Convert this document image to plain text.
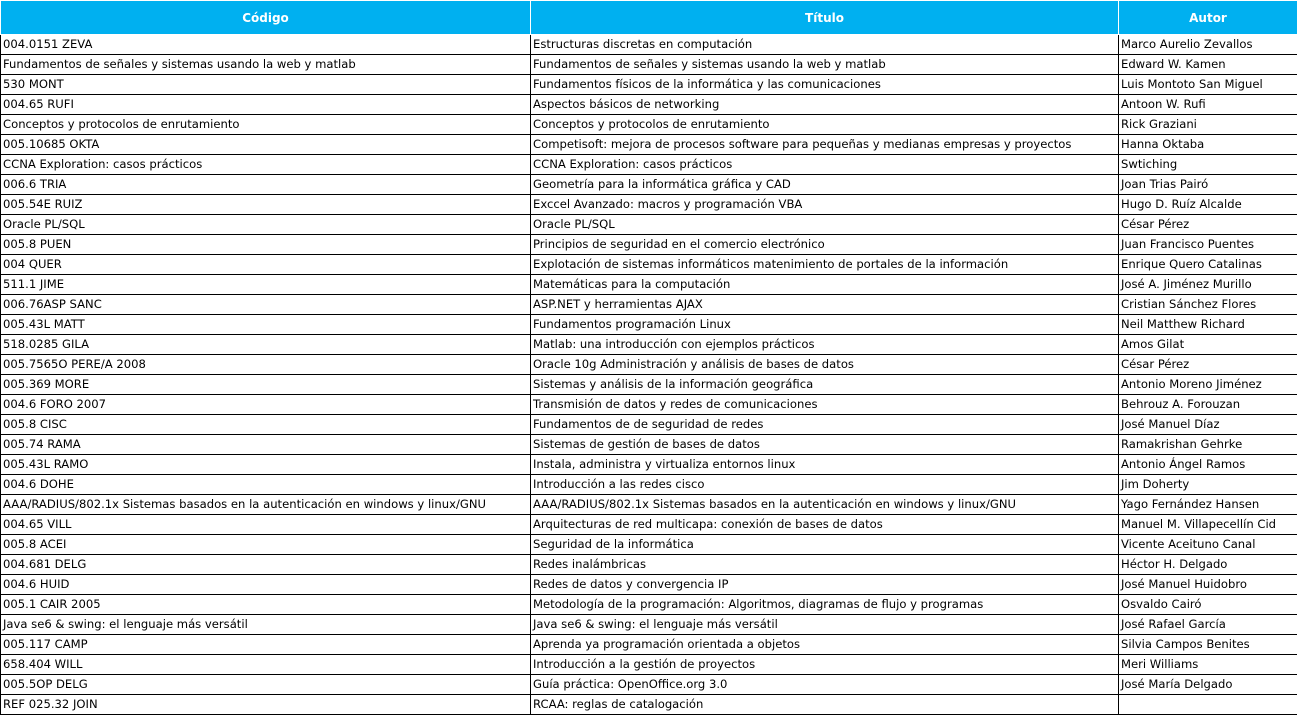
Código	Título	Autor
004.0151 ZEVA	Estructuras discretas en computación	Marco Aurelio Zevallos
Fundamentos de señales y sistemas usando la web y matlab	Fundamentos de señales y sistemas usando la web y matlab	Edward W. Kamen
530 MONT	Fundamentos físicos de la informática y las comunicaciones	Luis Montoto San Miguel
004.65 RUFI	Aspectos básicos de networking	Antoon W. Rufi
Conceptos y protocolos de enrutamiento	Conceptos y protocolos de enrutamiento	Rick Graziani
005.10685 OKTA	Competisoft: mejora de procesos software para pequeñas y medianas empresas y proyectos	Hanna Oktaba
CCNA Exploration: casos prácticos	CCNA Exploration: casos prácticos	Swtiching
006.6 TRIA	Geometría para la informática gráfica y CAD	Joan Trias Pairó
005.54E RUIZ	Exccel Avanzado: macros y programación VBA	Hugo D. Ruíz Alcalde
Oracle PL/SQL	Oracle PL/SQL	César Pérez
005.8 PUEN	Principios de seguridad en el comercio electrónico	Juan Francisco Puentes
004 QUER	Explotación de sistemas informáticos matenimiento de portales de la información	Enrique Quero Catalinas
511.1 JIME	Matemáticas para la computación	José A. Jiménez Murillo
006.76ASP SANC	ASP.NET y herramientas AJAX	Cristian Sánchez Flores
005.43L MATT	Fundamentos programación Linux	Neil Matthew Richard
518.0285 GILA	Matlab: una introducción con ejemplos prácticos	Amos Gilat
005.7565O PERE/A 2008	Oracle 10g Administración y análisis de bases de datos	César Pérez
005.369 MORE	Sistemas y análisis de la información geográfica	Antonio Moreno Jiménez
004.6 FORO 2007	Transmisión de datos y redes de comunicaciones	Behrouz A. Forouzan
005.8 CISC	Fundamentos de de seguridad de redes	José Manuel Díaz
005.74 RAMA	Sistemas de gestión de bases de datos	Ramakrishan Gehrke
005.43L RAMO	Instala, administra y virtualiza entornos linux	Antonio Ángel Ramos
004.6 DOHE	Introducción a las redes cisco	Jim Doherty
AAA/RADIUS/802.1x Sistemas basados en la autenticación en windows y linux/GNU	AAA/RADIUS/802.1x Sistemas basados en la autenticación en windows y linux/GNU	Yago Fernández Hansen
004.65 VILL	Arquitecturas de red multicapa: conexión de bases de datos	Manuel M. Villapecellín Cid
005.8 ACEI	Seguridad de la informática	Vicente Aceituno Canal
004.681 DELG	Redes inalámbricas	Héctor H. Delgado
004.6 HUID	Redes de datos y convergencia IP	José Manuel Huidobro
005.1 CAIR 2005	Metodología de la programación: Algoritmos, diagramas de flujo y programas	Osvaldo Cairó
Java se6 & swing: el lenguaje más versátil	Java se6 & swing: el lenguaje más versátil	José Rafael García
005.117 CAMP	Aprenda ya programación orientada a objetos	Silvia Campos Benites
658.404 WILL	Introducción a la gestión de proyectos	Meri Williams
005.5OP DELG	Guía práctica: OpenOffice.org 3.0	José María Delgado
REF 025.32 JOIN	RCAA: reglas de catalogación	
